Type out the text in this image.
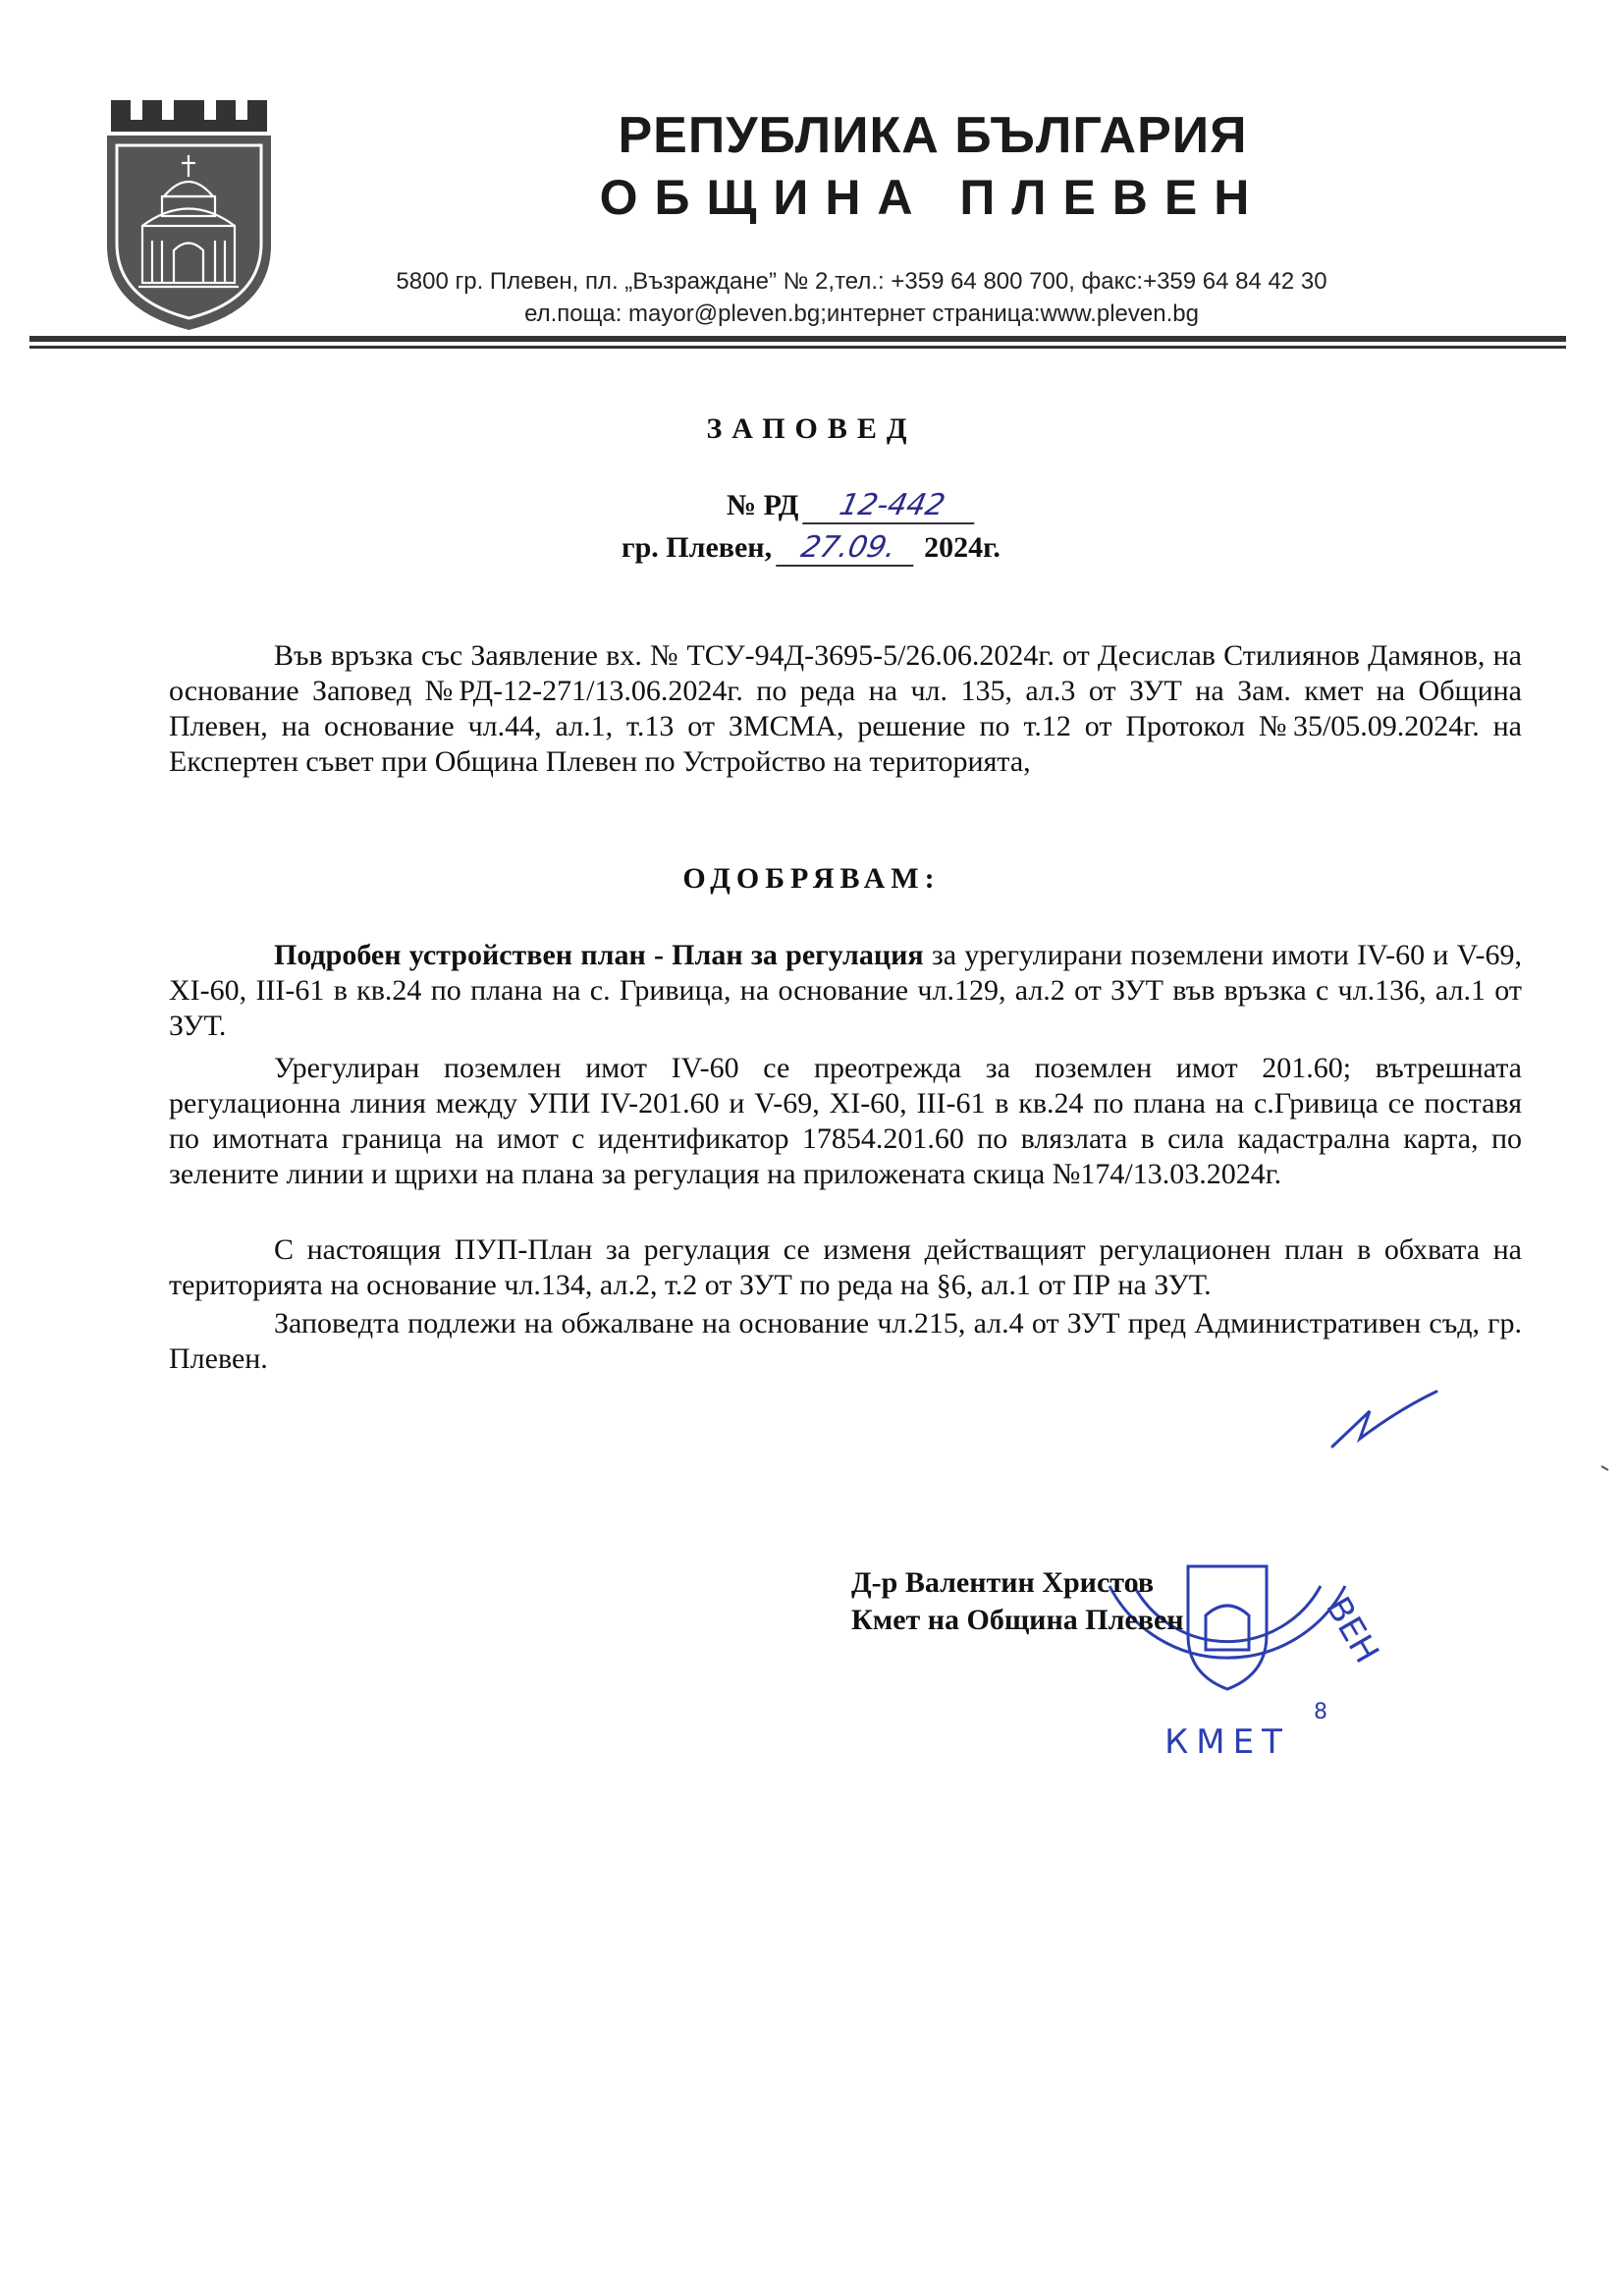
РЕПУБЛИКА БЪЛГАРИЯ
ОБЩИНА ПЛЕВЕН
5800 гр. Плевен, пл. „Възраждане” № 2,тел.: +359 64 800 700, факс:+359 64 84 42 30
ел.поща: mayor@pleven.bg;интернет страница:www.pleven.bg
ЗАПОВЕД
№ РД 12-442
гр. Плевен, 27.09. 2024г.
Във връзка със Заявление вх. № ТСУ-94Д-3695-5/26.06.2024г. от Десислав Стилиянов Дамянов, на основание Заповед №РД-12-271/13.06.2024г. по реда на чл. 135, ал.3 от ЗУТ на Зам. кмет на Община Плевен, на основание чл.44, ал.1, т.13 от ЗМСМА, решение по т.12 от Протокол №35/05.09.2024г. на Експертен съвет при Община Плевен по Устройство на територията,
ОДОБРЯВАМ:
Подробен устройствен план - План за регулация за урегулирани поземлени имоти IV-60 и V-69, XI-60, III-61 в кв.24 по плана на с. Гривица, на основание чл.129, ал.2 от ЗУТ във връзка с чл.136, ал.1 от ЗУТ.
Урегулиран поземлен имот IV-60 се преотрежда за поземлен имот 201.60; вътрешната регулационна линия между УПИ IV-201.60 и V-69, XI-60, III-61 в кв.24 по плана на с.Гривица се поставя по имотната граница на имот с идентификатор 17854.201.60 по влязлата в сила кадастрална карта, по зелените линии и щрихи на плана за регулация на приложената скица №174/13.03.2024г.
С настоящия ПУП-План за регулация се изменя действащият регулационен план в обхвата на територията на основание чл.134, ал.2, т.2 от ЗУТ по реда на §6, ал.1 от ПР на ЗУТ.
Заповедта подлежи на обжалване на основание чл.215, ал.4 от ЗУТ пред Административен съд, гр. Плевен.
КМЕТ
8
ВЕН
Д-р Валентин Христов
Кмет на Община Плевен
